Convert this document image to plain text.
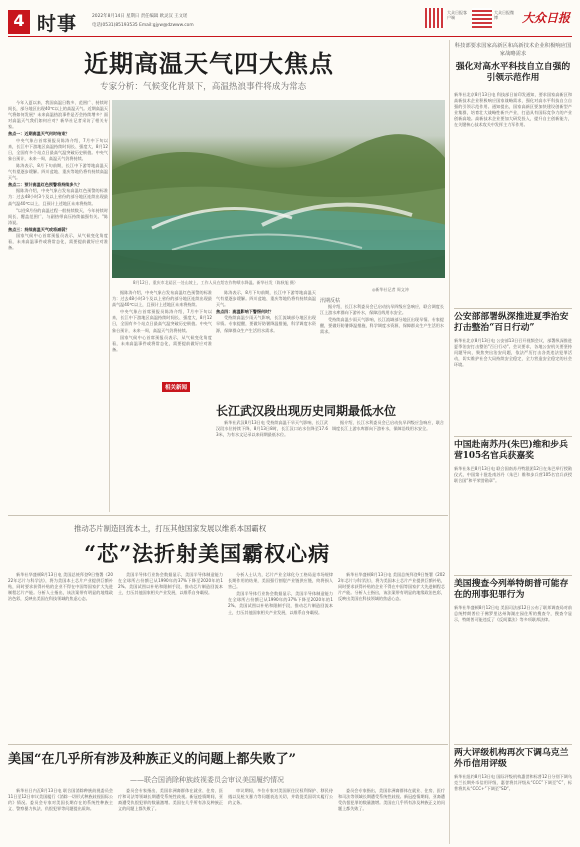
4 时事	2022年8月14日 星期日 责任编辑 欧灵汉 王文瑶
电话(0531)85193535 Email:gjyw@dzwww.com
大众日报客户端
大众日报微博	大众日报
近期高温天气四大焦点
专家分析：气候变化背景下，高温热浪事件将成为常态

今年入夏以来，我国高温日数多、范围广、持续时间长，部分地区出现40℃以上的高温天气。近期高温天气将如何发展？未来高温热浪事件是否会持续增多？面对高温天气我们如何应对？新华社记者采访了相关专家。

焦点一：近期高温天气何时结束？

中央气象台首席预报员陈涛介绍，7月中下旬以来，长江中下游地区高温持续时间长、强度大，8月12日，全国有多个站点日最高气温突破历史极值。中央气象台预计，未来一周，高温天气仍将持续。

陈涛表示，8月下旬前期，长江中下游等地高温天气有望逐步缓解。四川盆地、重庆等地仍将有持续高温天气。

焦点二：预计高温红色预警将持续多久？

据陈涛介绍，中央气象台发布高温红色预警的标准为：过去48小时3个及以上省份的部分地区连续出现最高气温40℃以上，且预计上述地区未来将持续。

"以往8月份的高温过程一般持续数天，今年持续时间长、覆盖范围广，与副热带高压持续偏强有关。"陈涛说。

焦点三：持续高温天气或将减弱？

国家气候中心首席预报员表示，从气候变化角度看，未来高温事件或将常态化，需要提前做好应对准备。

8月12日，重庆市北碚区一处山坡上，工作人员在给农作物喷水降温。新华社发（陈秋旭 摄）

据陈涛介绍，中央气象台发布高温红色预警的标准为：过去48小时3个及以上省份的部分地区连续出现最高气温40℃以上，且预计上述地区未来将持续。

中央气象台首席预报员陈涛介绍，7月中下旬以来，长江中下游地区高温持续时间长、强度大，8月12日，全国有多个站点日最高气温突破历史极值。中央气象台预计，未来一周，高温天气仍将持续。

国家气候中心首席预报员表示，从气候变化角度看，未来高温事件或将常态化，需要提前做好应对准备。

陈涛表示，8月下旬前期，长江中下游等地高温天气有望逐步缓解。四川盆地、重庆等地仍将有持续高温天气。

焦点四：高温影响下警惕何时？

受持续高温少雨天气影响，长江流域部分地区出现旱情。专家提醒，要做好防暑降温措施，科学调度水资源，保障群众生产生活用水需求。

◎新华社记者 周文冲
汛期反枯
相关新闻
长江武汉段出现历史同期最低水位

新华社武汉8月13日电 受持续高温干旱天气影响，长江武汉段水位持续下降，8月13日8时，长江汉口站水位降至17.63米，为有水文记录以来同期最低水位。

据介绍，长江水利委员会已启动抗旱四级应急响应，联合调度长江上游水库群向下游补水，保障沿线用水安全。

据介绍，长江水利委员会已启动抗旱四级应急响应，联合调度长江上游水库群向下游补水，保障沿线用水安全。

受持续高温少雨天气影响，长江流域部分地区出现旱情。专家提醒，要做好防暑降温措施，科学调度水资源，保障群众生产生活用水需求。

推动芯片制造回流本土，打压其他国家发展以维系本国霸权
“芯”法折射美国霸权心病

新华社华盛顿8月13日电 美国总统拜登9日签署《2022年芯片与科学法》，将为美国本土芯片产业提供巨额补贴，同时要求获得补贴的企业不得在中国等国家扩大先进制程芯片产能。分析人士指出，该法案带有明显的地缘政治色彩，反映出美国在科技领域的焦虑心态。

美国半导体行业协会数据显示，美国半导体制造能力在全球所占份额已从1990年的37%下降至2020年的12%。美国试图以补贴和限制手段，推动芯片制造回流本土，打压其他国家相关产业发展，以维系自身霸权。

分析人士认为，芯片产业全球化分工格局是市场规律长期作用的结果，美国强行割裂产业链供应链，终将损人害己。

美国半导体行业协会数据显示，美国半导体制造能力在全球所占份额已从1990年的37%下降至2020年的12%。美国试图以补贴和限制手段，推动芯片制造回流本土，打压其他国家相关产业发展，以维系自身霸权。

新华社华盛顿8月13日电 美国总统拜登9日签署《2022年芯片与科学法》，将为美国本土芯片产业提供巨额补贴，同时要求获得补贴的企业不得在中国等国家扩大先进制程芯片产能。分析人士指出，该法案带有明显的地缘政治色彩，反映出美国在科技领域的焦虑心态。

美国“在几乎所有涉及种族正义的问题上都失败了”
——联合国消除种族歧视委员会审议美国履约情况

新华社日内瓦8月13日电 联合国消除种族歧视委员会11日至12日审议美国履行《消除一切形式种族歧视国际公约》情况。委员会专家对美国长期存在的系统性种族主义、警察暴力执法、仇恨犯罪等问题提出质询。

委员会专家指出，美国非洲裔群体在就业、住房、医疗和司法等领域长期遭受系统性歧视。新冠疫情期间，亚裔遭受仇恨犯罪的数量激增。美国在几乎所有涉及种族正义的问题上都失败了。

审议期间，多位专家对美国原住民权利保护、移民待遇以及枪支暴力等问题表达关切，并敦促美国切实履行公约义务。

委员会专家指出，美国非洲裔群体在就业、住房、医疗和司法等领域长期遭受系统性歧视。新冠疫情期间，亚裔遭受仇恨犯罪的数量激增。美国在几乎所有涉及种族正义的问题上都失败了。

科技部要求国家高新区和高新技术企业积极响应国家战略需求
强化对高水平科技自立自强的引领示范作用
新华社北京8月13日电 科技部日前印发通知，要求国家高新区和高新技术企业积极响应国家战略需求，强化对高水平科技自立自强的引领示范作用。通知提出，国家高新区要加快建设创新型产业集群，培育壮大战略性新兴产业，打造具有国际竞争力的产业创新高地。高新技术企业要加大研发投入，提升自主创新能力，在关键核心技术攻关中发挥主力军作用。
公安部部署纵深推进夏季治安打击整治“百日行动”
新华社北京8月13日电 公安部13日召开视频会议，部署纵深推进夏季治安打击整治"百日行动"。会议要求，各地公安机关要坚持问题导向，聚焦突出治安问题，依法严厉打击各类违法犯罪活动，切实维护社会大局持续安全稳定，全力营造安全稳定的社会环境。
中国赴南苏丹(朱巴)维和步兵营105名官兵获嘉奖
新华社朱巴8月13日电 联合国南苏丹特派团12日在朱巴举行授勋仪式，中国第十批赴南苏丹（朱巴）维和步兵营105名官兵获授联合国“和平荣誉勋章”。
美国搜查今列举特朗普可能存在的刑事犯罪行为
新华社华盛顿8月12日电 美国司法部12日公布了联邦调查局对前总统特朗普位于佛罗里达州海湖庄园住所的搜查令，搜查令显示，特朗普可能违反了《反间谍法》等多项联邦法律。
两大评级机构再次下调乌克兰外币信用评级
新华社纽约8月13日电 国际评级机构惠誉和标普12日分别下调乌克兰长期外币信用评级，惠誉将其评级从“CCC”下调至“C”，标普将其从“CCC+”下调至“SD”。
